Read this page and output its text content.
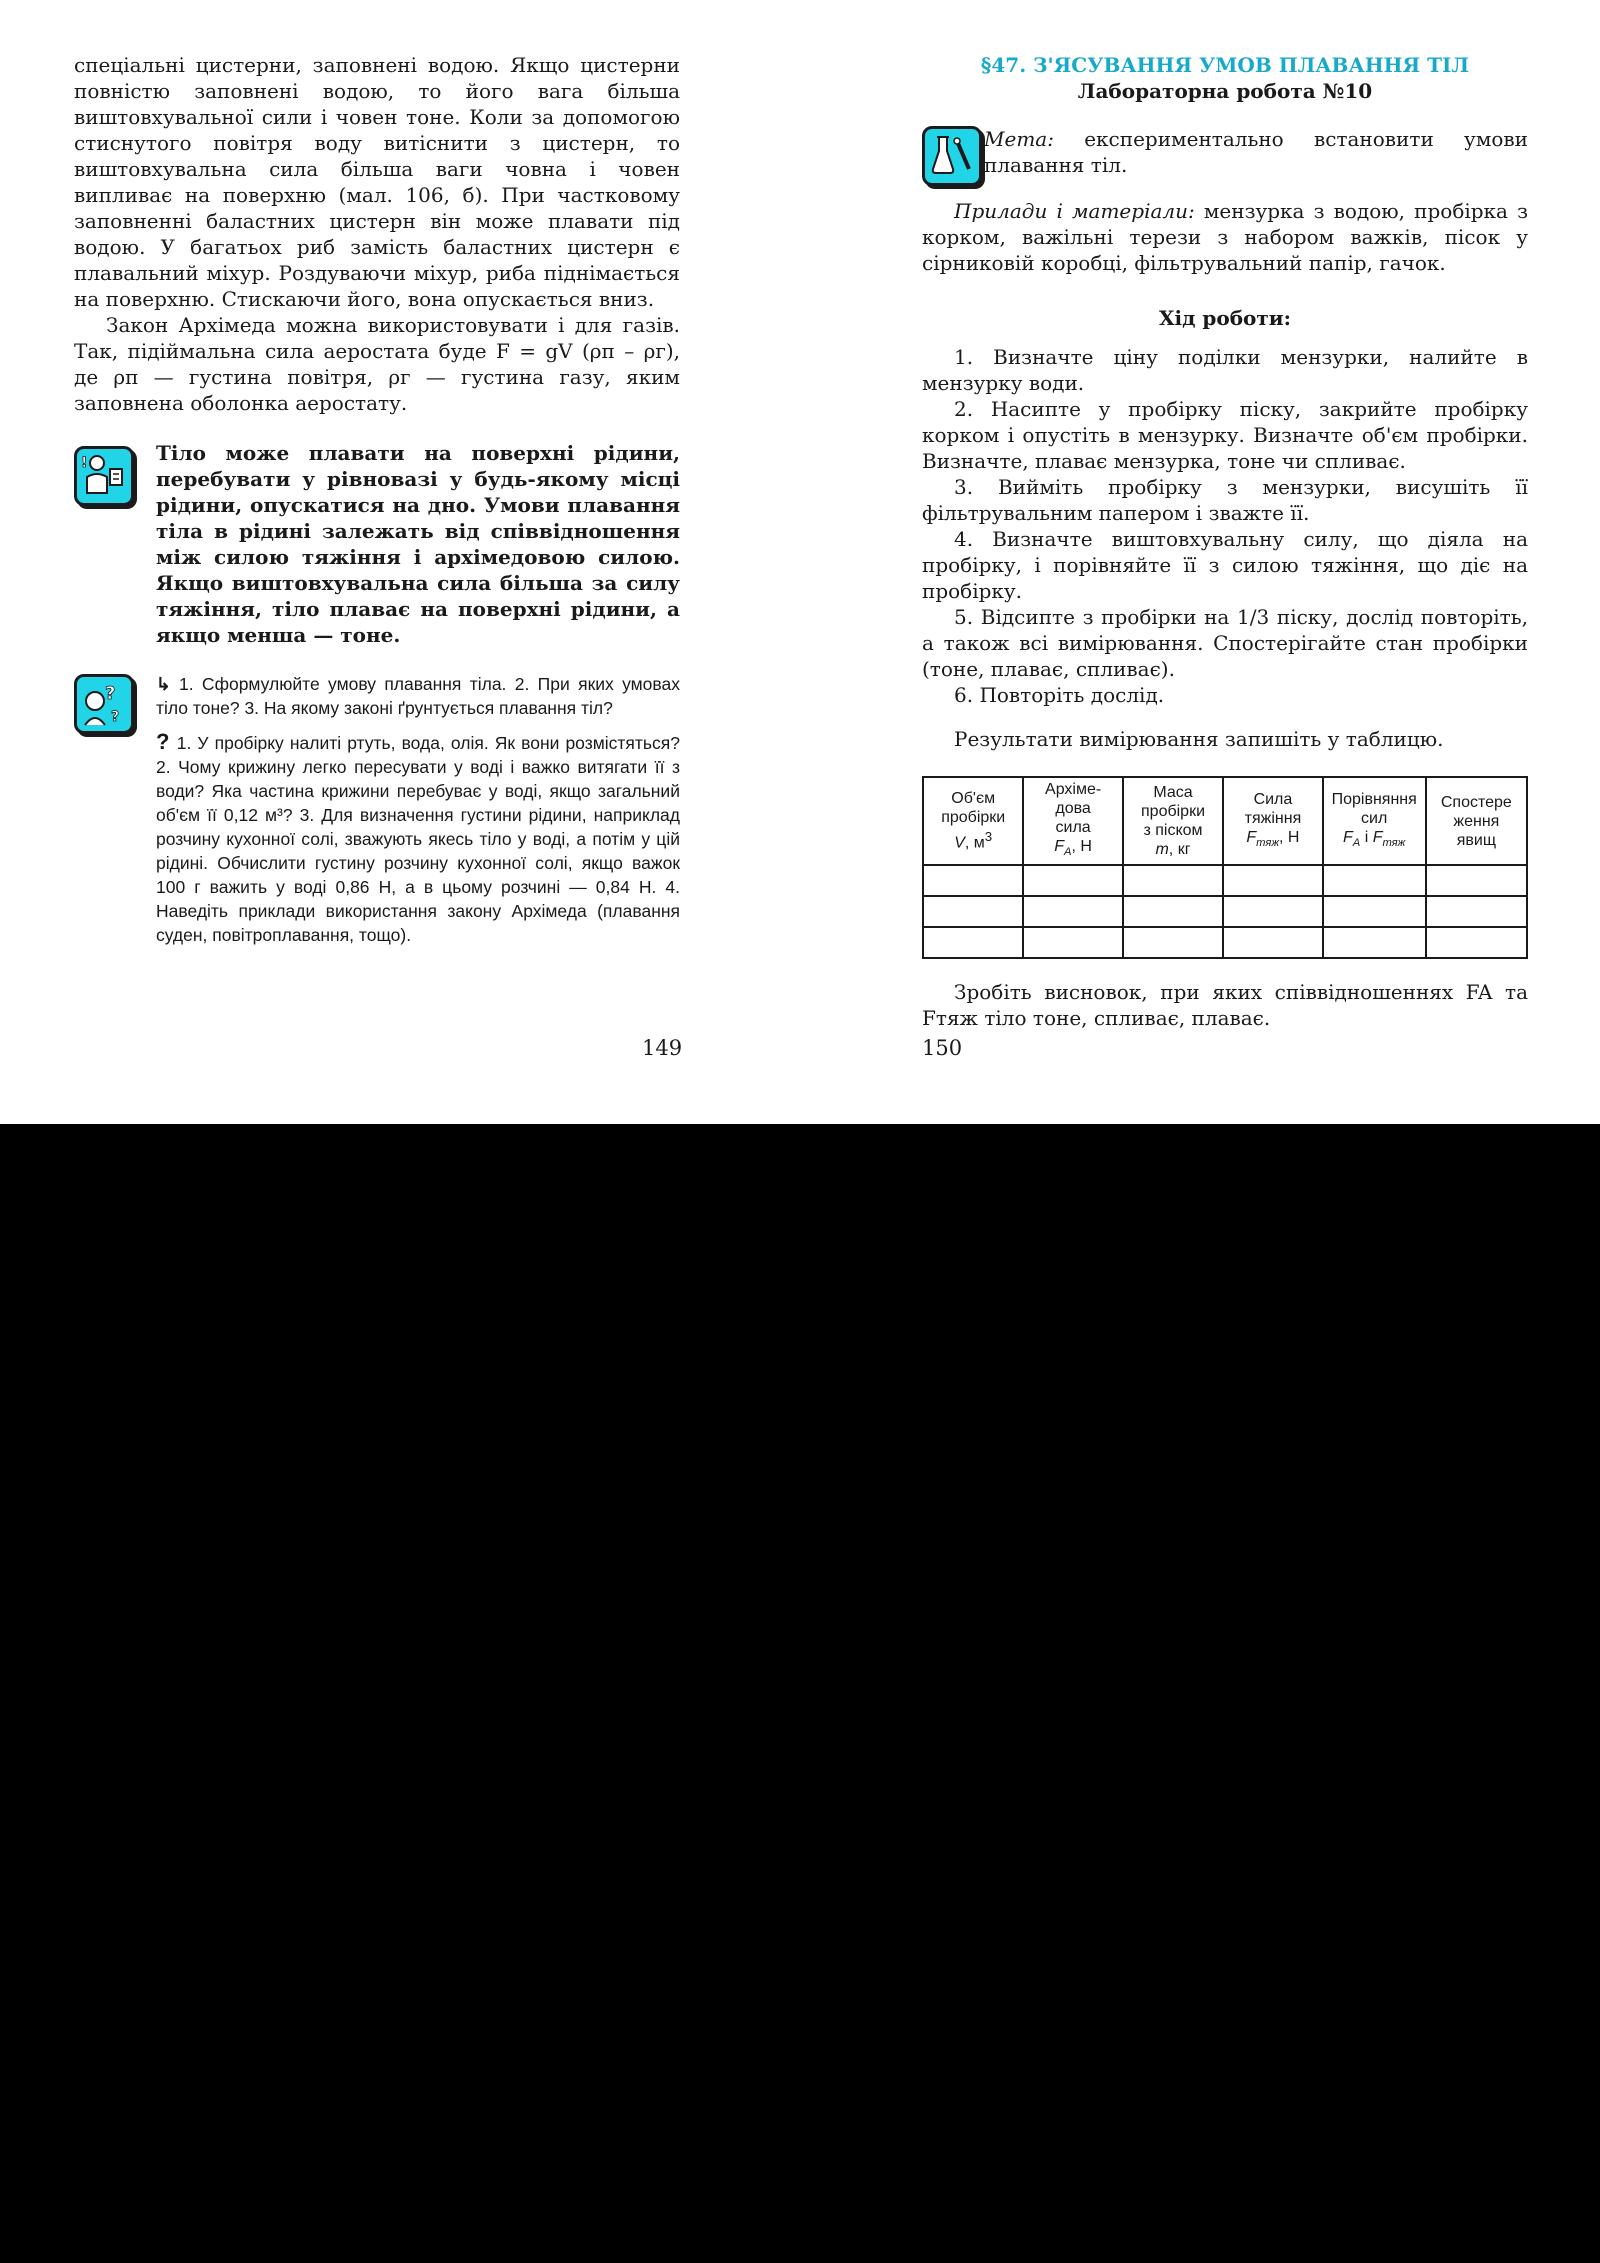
спеціальні цистерни, заповнені водою. Якщо цистерни повністю заповнені водою, то його вага більша виштовхувальної сили і човен тоне. Коли за допомогою стиснутого повітря воду витіснити з цистерн, то виштовхувальна сила більша ваги човна і човен випливає на поверхню (мал. 106, б). При частковому заповненні баластних цистерн він може плавати під водою. У багатьох риб замість баластних цистерн є плавальний міхур. Роздуваючи міхур, риба піднімається на поверхню. Стискаючи його, вона опускається вниз.

Закон Архімеда можна використовувати і для газів. Так, підіймальна сила аеростата буде F = gV (ρп – ρг), де ρп — густина повітря, ρг — густина газу, яким заповнена оболонка аеростату.

!	Тіло може плавати на поверхні рідини, перебувати у рівновазі у будь-якому місці рідини, опускатися на дно. Умови плавання тіла в рідині залежать від співвідношення між силою тяжіння і архімедовою силою. Якщо виштовхувальна сила більша за силу тяжіння, тіло плаває на поверхні рідини, а якщо менша — тоне.

?
?

↳ 1. Сформулюйте умову плавання тіла. 2. При яких умовах тіло тоне? 3. На якому законі ґрунтується плавання тіл?

? 1. У пробірку налиті ртуть, вода, олія. Як вони розмістяться? 2. Чому крижину легко пересувати у воді і важко витягати її з води? Яка частина крижини перебуває у воді, якщо загальний об'єм її 0,12 м³? 3. Для визначення густини рідини, наприклад розчину кухонної солі, зважують якесь тіло у воді, а потім у цій рідині. Обчислити густину розчину кухонної солі, якщо важок 100 г важить у воді 0,86 Н, а в цьому розчині — 0,84 Н. 4. Наведіть приклади використання закону Архімеда (плавання суден, повітроплавання, тощо).

149
§47. З'ЯСУВАННЯ УМОВ ПЛАВАННЯ ТІЛ
Лабораторна робота №10

Мета: експериментально встановити умови плавання тіл.

Прилади і матеріали: мензурка з водою, пробірка з корком, важільні терези з набором важків, пісок у сірниковій коробці, фільтрувальний папір, гачок.

Хід роботи:

1. Визначте ціну поділки мензурки, налийте в мензурку води.

2. Насипте у пробірку піску, закрийте пробірку корком і опустіть в мензурку. Визначте об'єм пробірки. Визначте, плаває мензурка, тоне чи спливає.

3. Вийміть пробірку з мензурки, висушіть її фільтрувальним папером і зважте її.

4. Визначте виштовхувальну силу, що діяла на пробірку, і порівняйте її з силою тяжіння, що діє на пробірку.

5. Відсипте з пробірки на 1/3 піску, дослід повторіть, а також всі вимірювання. Спостерігайте стан пробірки (тоне, плаває, спливає).

6. Повторіть дослід.

Результати вимірювання запишіть у таблицю.

Об'єм
пробірки
V, $м^3$	Архіме-
дова
сила
$F_A$, Н	Маса
пробірки
з піском
m, кг	Сила
тяжіння
$F_{тяж}$, Н	Порівняння
сил
$F_A$ і $F_{тяж}$	Спостере
ження
явищ

Зробіть висновок, при яких співвідношеннях FA та Fтяж тіло тоне, спливає, плаває.

150
